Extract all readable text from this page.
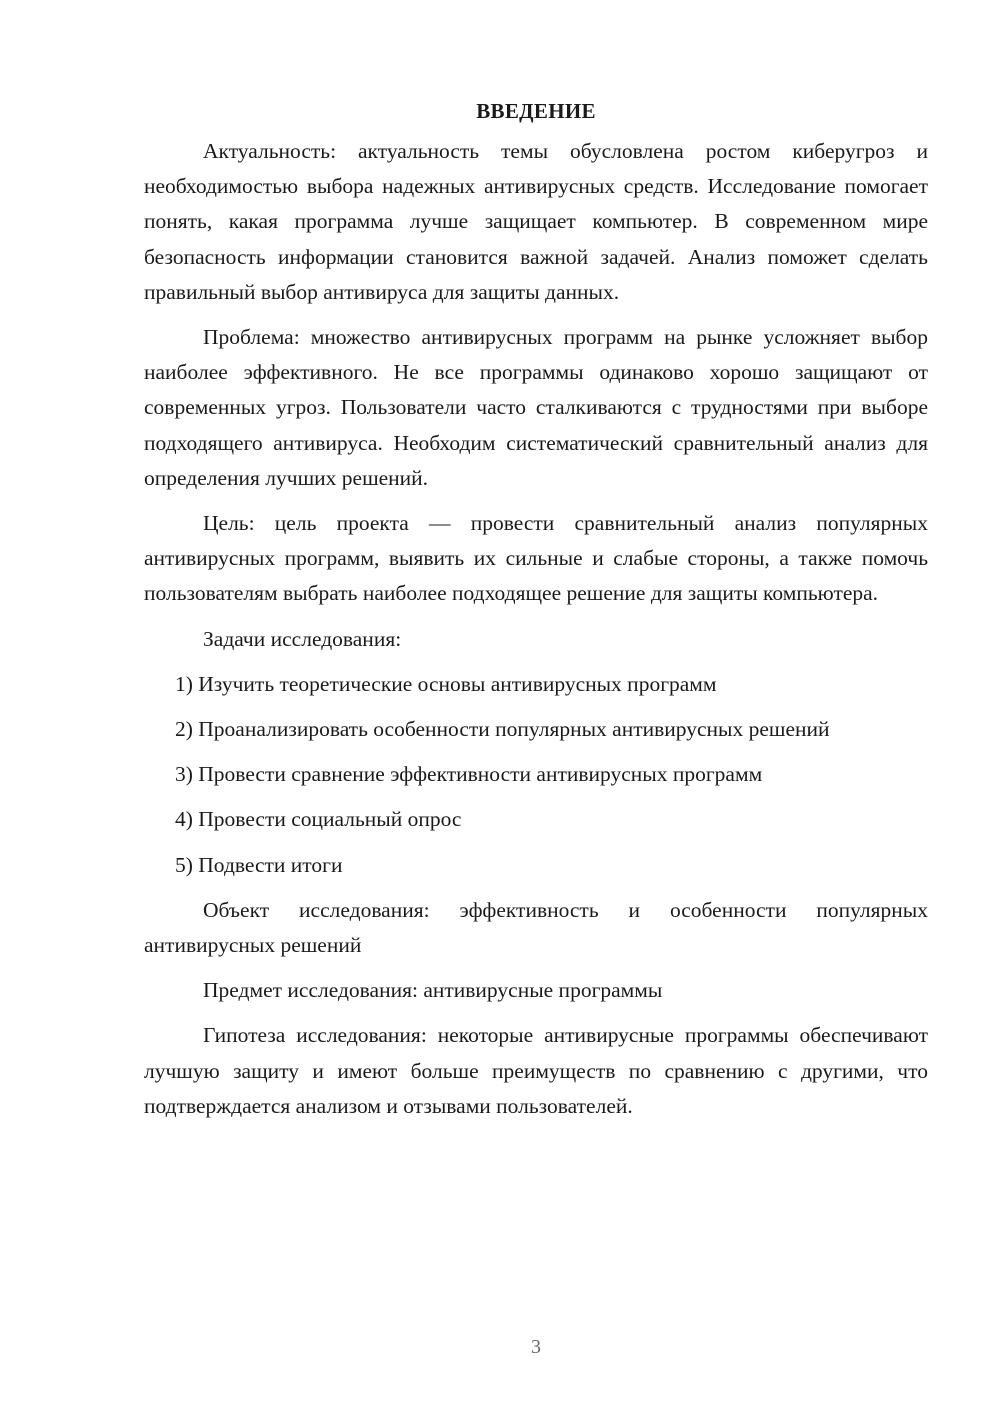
ВВЕДЕНИЕ

Актуальность: актуальность темы обусловлена ростом киберугроз и необходимостью выбора надежных антивирусных средств. Исследование помогает понять, какая программа лучше защищает компьютер. В современном мире безопасность информации становится важной задачей. Анализ поможет сделать правильный выбор антивируса для защиты данных.

Проблема: множество антивирусных программ на рынке усложняет выбор наиболее эффективного. Не все программы одинаково хорошо защищают от современных угроз. Пользователи часто сталкиваются с трудностями при выборе подходящего антивируса. Необходим систематический сравнительный анализ для определения лучших решений.

Цель: цель проекта — провести сравнительный анализ популярных антивирусных программ, выявить их сильные и слабые стороны, а также помочь пользователям выбрать наиболее подходящее решение для защиты компьютера.

Задачи исследования:

1) Изучить теоретические основы антивирусных программ

2) Проанализировать особенности популярных антивирусных решений

3) Провести сравнение эффективности антивирусных программ

4) Провести социальный опрос

5) Подвести итоги

Объект исследования: эффективность и особенности популярных антивирусных решений

Предмет исследования: антивирусные программы

Гипотеза исследования: некоторые антивирусные программы обеспечивают лучшую защиту и имеют больше преимуществ по сравнению с другими, что подтверждается анализом и отзывами пользователей.

3
